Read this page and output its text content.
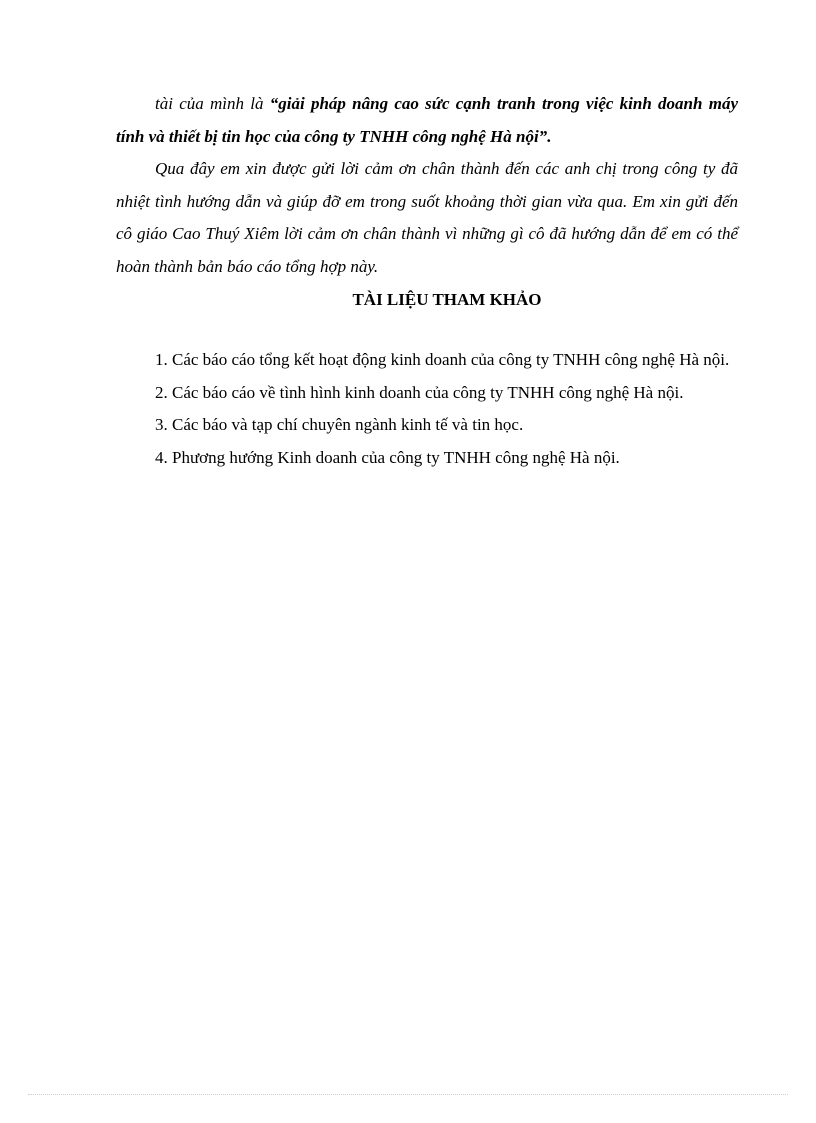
tài của mình là “giải pháp nâng cao sức cạnh tranh trong việc kinh doanh máy tính và thiết bị tin học của công ty TNHH công nghệ Hà nội”.

Qua đây em xin được gửi lời cảm ơn chân thành đến các anh chị trong công ty đã nhiệt tình hướng dẫn và giúp đỡ em trong suốt khoảng thời gian vừa qua. Em xin gửi đến cô giáo Cao Thuý Xiêm lời cảm ơn chân thành vì những gì cô đã hướng dẫn để em có thể hoàn thành bản báo cáo tổng hợp này.

TÀI LIỆU THAM KHẢO

1. Các báo cáo tổng kết hoạt động kinh doanh của công ty TNHH công nghệ Hà nội.

2. Các báo cáo về tình hình kinh doanh của công ty TNHH công nghệ Hà nội.

3. Các báo và tạp chí chuyên ngành kinh tế và tin học.

4. Phương hướng Kinh doanh của công ty TNHH công nghệ Hà nội.
